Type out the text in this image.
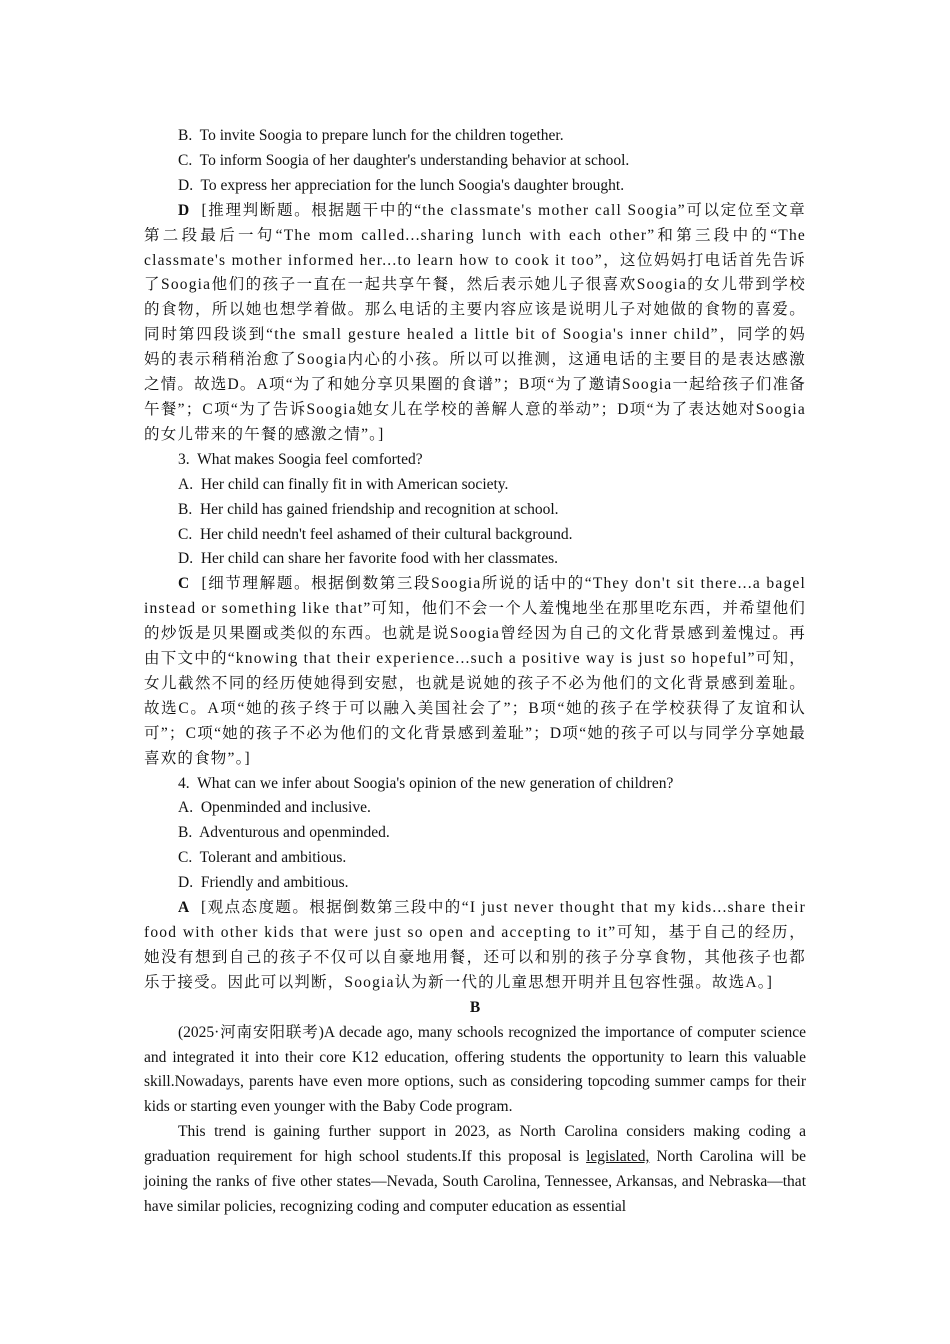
B.  To invite Soogia to prepare lunch for the children together.

C.  To inform Soogia of her daughter's understanding behavior at school.

D.  To express her appreciation for the lunch Soogia's daughter brought.

D  [推理判断题。根据题干中的“the classmate's mother call Soogia”可以定位至文章第二段最后一句“The mom called...sharing lunch with each other”和第三段中的“The classmate's mother informed her...to learn how to cook it too”，这位妈妈打电话首先告诉了Soogia他们的孩子一直在一起共享午餐，然后表示她儿子很喜欢Soogia的女儿带到学校的食物，所以她也想学着做。那么电话的主要内容应该是说明儿子对她做的食物的喜爱。同时第四段谈到“the small gesture healed a little bit of Soogia's inner child”，同学的妈妈的表示稍稍治愈了Soogia内心的小孩。所以可以推测，这通电话的主要目的是表达感激之情。故选D。A项“为了和她分享贝果圈的食谱”；B项“为了邀请Soogia一起给孩子们准备午餐”；C项“为了告诉Soogia她女儿在学校的善解人意的举动”；D项“为了表达她对Soogia的女儿带来的午餐的感激之情”。]

3.  What makes Soogia feel comforted?

A.  Her child can finally fit in with American society.

B.  Her child has gained friendship and recognition at school.

C.  Her child needn't feel ashamed of their cultural background.

D.  Her child can share her favorite food with her classmates.

C  [细节理解题。根据倒数第三段Soogia所说的话中的“They don't sit there...a bagel instead or something like that”可知，他们不会一个人羞愧地坐在那里吃东西，并希望他们的炒饭是贝果圈或类似的东西。也就是说Soogia曾经因为自己的文化背景感到羞愧过。再由下文中的“knowing that their experience...such a positive way is just so hopeful”可知，女儿截然不同的经历使她得到安慰，也就是说她的孩子不必为他们的文化背景感到羞耻。故选C。A项“她的孩子终于可以融入美国社会了”；B项“她的孩子在学校获得了友谊和认可”；C项“她的孩子不必为他们的文化背景感到羞耻”；D项“她的孩子可以与同学分享她最喜欢的食物”。]

4.  What can we infer about Soogia's opinion of the new generation of children?

A.  Openminded and inclusive.

B.  Adventurous and openminded.

C.  Tolerant and ambitious.

D.  Friendly and ambitious.

A  [观点态度题。根据倒数第三段中的“I just never thought that my kids...share their food with other kids that were just so open and accepting to it”可知，基于自己的经历，她没有想到自己的孩子不仅可以自豪地用餐，还可以和别的孩子分享食物，其他孩子也都乐于接受。因此可以判断，Soogia认为新一代的儿童思想开明并且包容性强。故选A。]

B

(2025·河南安阳联考)A decade ago, many schools recognized the importance of computer science and integrated it into their core K12 education, offering students the opportunity to learn this valuable skill.Nowadays, parents have even more options, such as considering topcoding summer camps for their kids or starting even younger with the Baby Code program.

This trend is gaining further support in 2023, as North Carolina considers making coding a graduation requirement for high school students.If this proposal is legislated, North Carolina will be joining the ranks of five other states—Nevada, South Carolina, Tennessee, Arkansas, and Nebraska—that have similar policies, recognizing coding and computer education as essential
